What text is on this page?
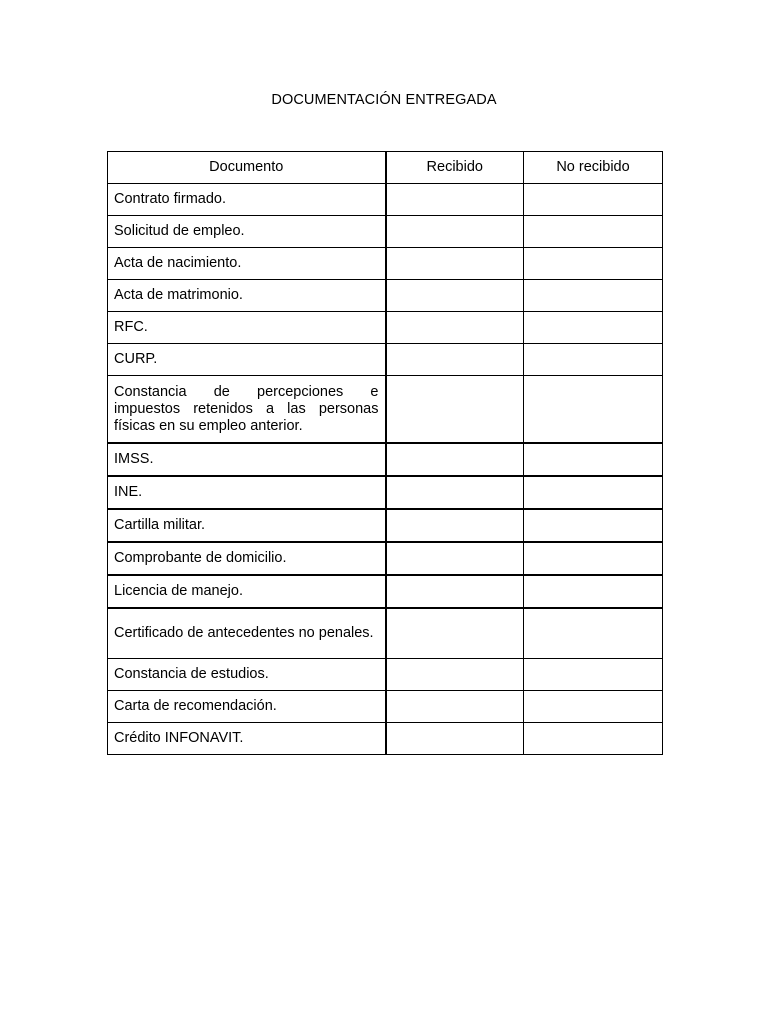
DOCUMENTACIÓN ENTREGADA
Documento	Recibido	No recibido
Contrato firmado.		
Solicitud de empleo.		
Acta de nacimiento.		
Acta de matrimonio.		
RFC.		
CURP.		
Constancia de percepciones e impuestos retenidos a las personas físicas en su empleo anterior.		
IMSS.		
INE.		
Cartilla militar.		
Comprobante de domicilio.		
Licencia de manejo.		
Certificado de antecedentes no penales.		
Constancia de estudios.		
Carta de recomendación.		
Crédito INFONAVIT.		
